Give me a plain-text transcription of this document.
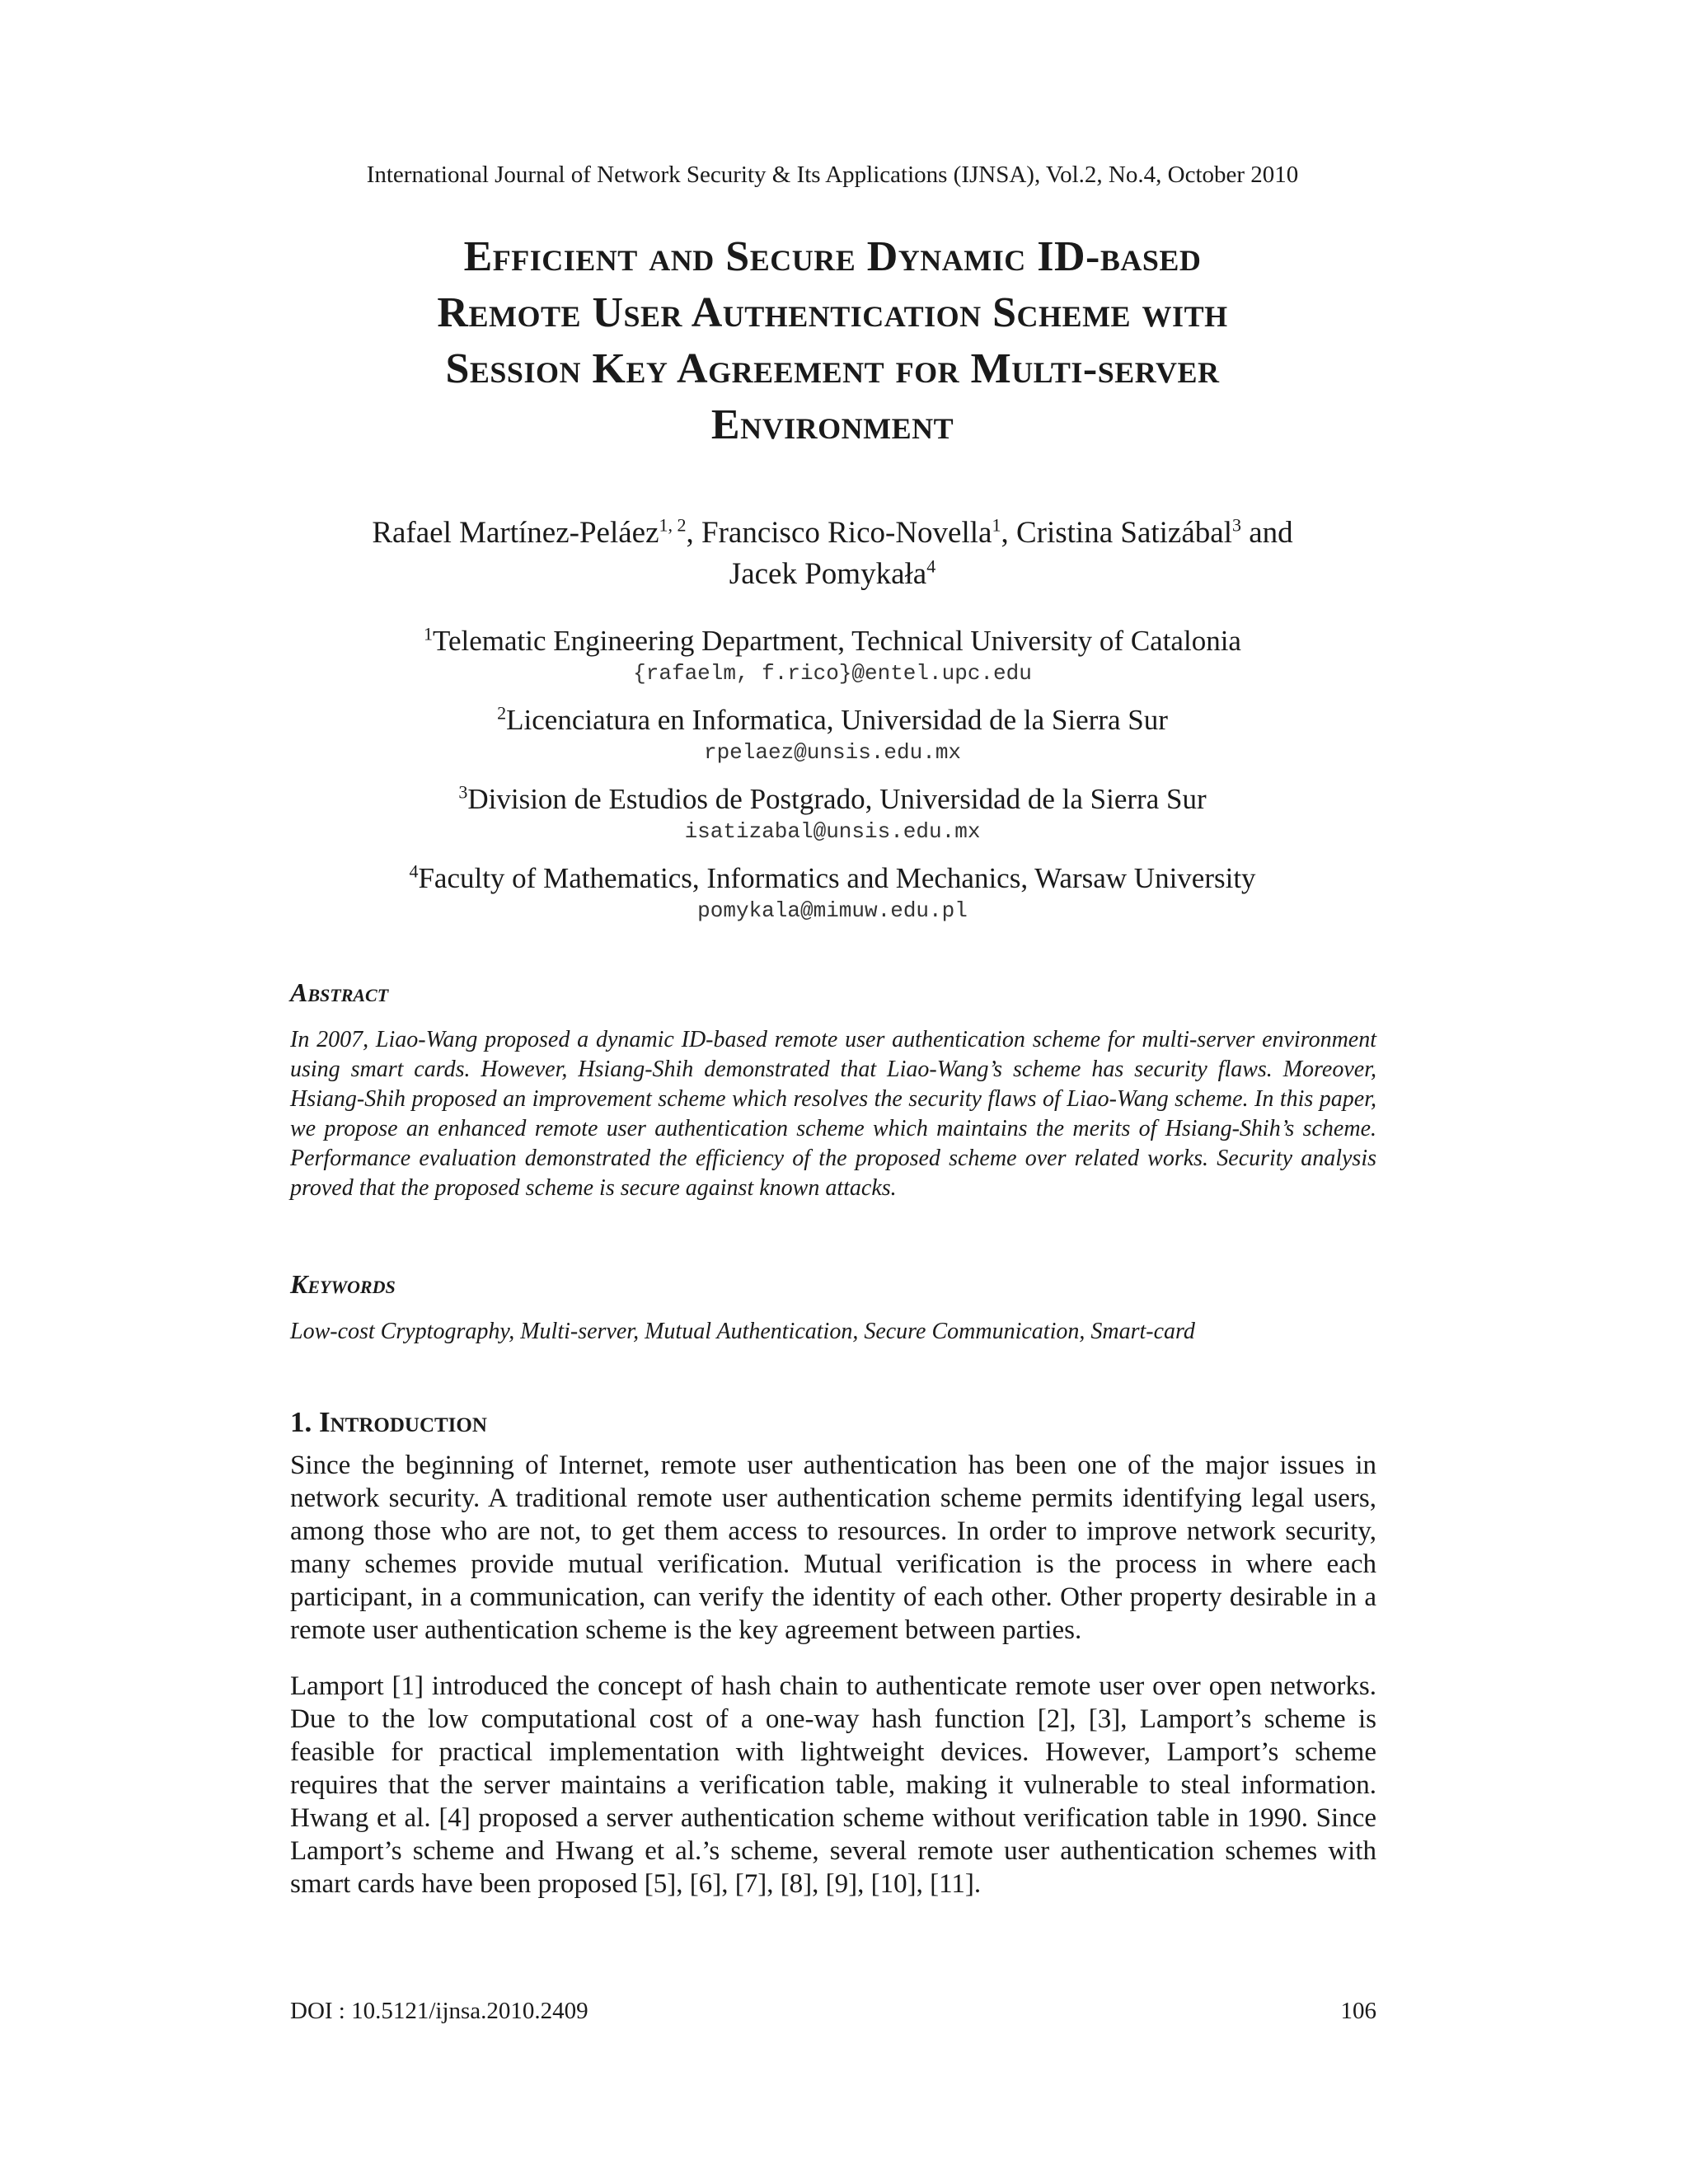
International Journal of Network Security & Its Applications (IJNSA), Vol.2, No.4, October 2010
Efficient and Secure Dynamic ID-based
Remote User Authentication Scheme with
Session Key Agreement for Multi-server
Environment
Rafael Martínez-Peláez$^{1, 2}$, Francisco Rico-Novella$^1$, Cristina Satizábal$^3$ and
Jacek Pomykała$^4$
$^1$Telematic Engineering Department, Technical University of Catalonia
{rafaelm, f.rico}@entel.upc.edu
$^2$Licenciatura en Informatica, Universidad de la Sierra Sur
rpelaez@unsis.edu.mx
$^3$Division de Estudios de Postgrado, Universidad de la Sierra Sur
isatizabal@unsis.edu.mx
$^4$Faculty of Mathematics, Informatics and Mechanics, Warsaw University
pomykala@mimuw.edu.pl
Abstract
In 2007, Liao-Wang proposed a dynamic ID-based remote user authentication scheme for multi-server environment using smart cards. However, Hsiang-Shih demonstrated that Liao-Wang’s scheme has security flaws. Moreover, Hsiang-Shih proposed an improvement scheme which resolves the security flaws of Liao-Wang scheme. In this paper, we propose an enhanced remote user authentication scheme which maintains the merits of Hsiang-Shih’s scheme. Performance evaluation demonstrated the efficiency of the proposed scheme over related works. Security analysis proved that the proposed scheme is secure against known attacks.
Keywords
Low-cost Cryptography, Multi-server, Mutual Authentication, Secure Communication, Smart-card
1. Introduction
Since the beginning of Internet, remote user authentication has been one of the major issues in network security. A traditional remote user authentication scheme permits identifying legal users, among those who are not, to get them access to resources. In order to improve network security, many schemes provide mutual verification. Mutual verification is the process in where each participant, in a communication, can verify the identity of each other. Other property desirable in a remote user authentication scheme is the key agreement between parties.
Lamport [1] introduced the concept of hash chain to authenticate remote user over open networks. Due to the low computational cost of a one-way hash function [2], [3], Lamport’s scheme is feasible for practical implementation with lightweight devices. However, Lamport’s scheme requires that the server maintains a verification table, making it vulnerable to steal information. Hwang et al. [4] proposed a server authentication scheme without verification table in 1990. Since Lamport’s scheme and Hwang et al.’s scheme, several remote user authentication schemes with smart cards have been proposed [5], [6], [7], [8], [9], [10], [11].
DOI : 10.5121/ijnsa.2010.2409	106
